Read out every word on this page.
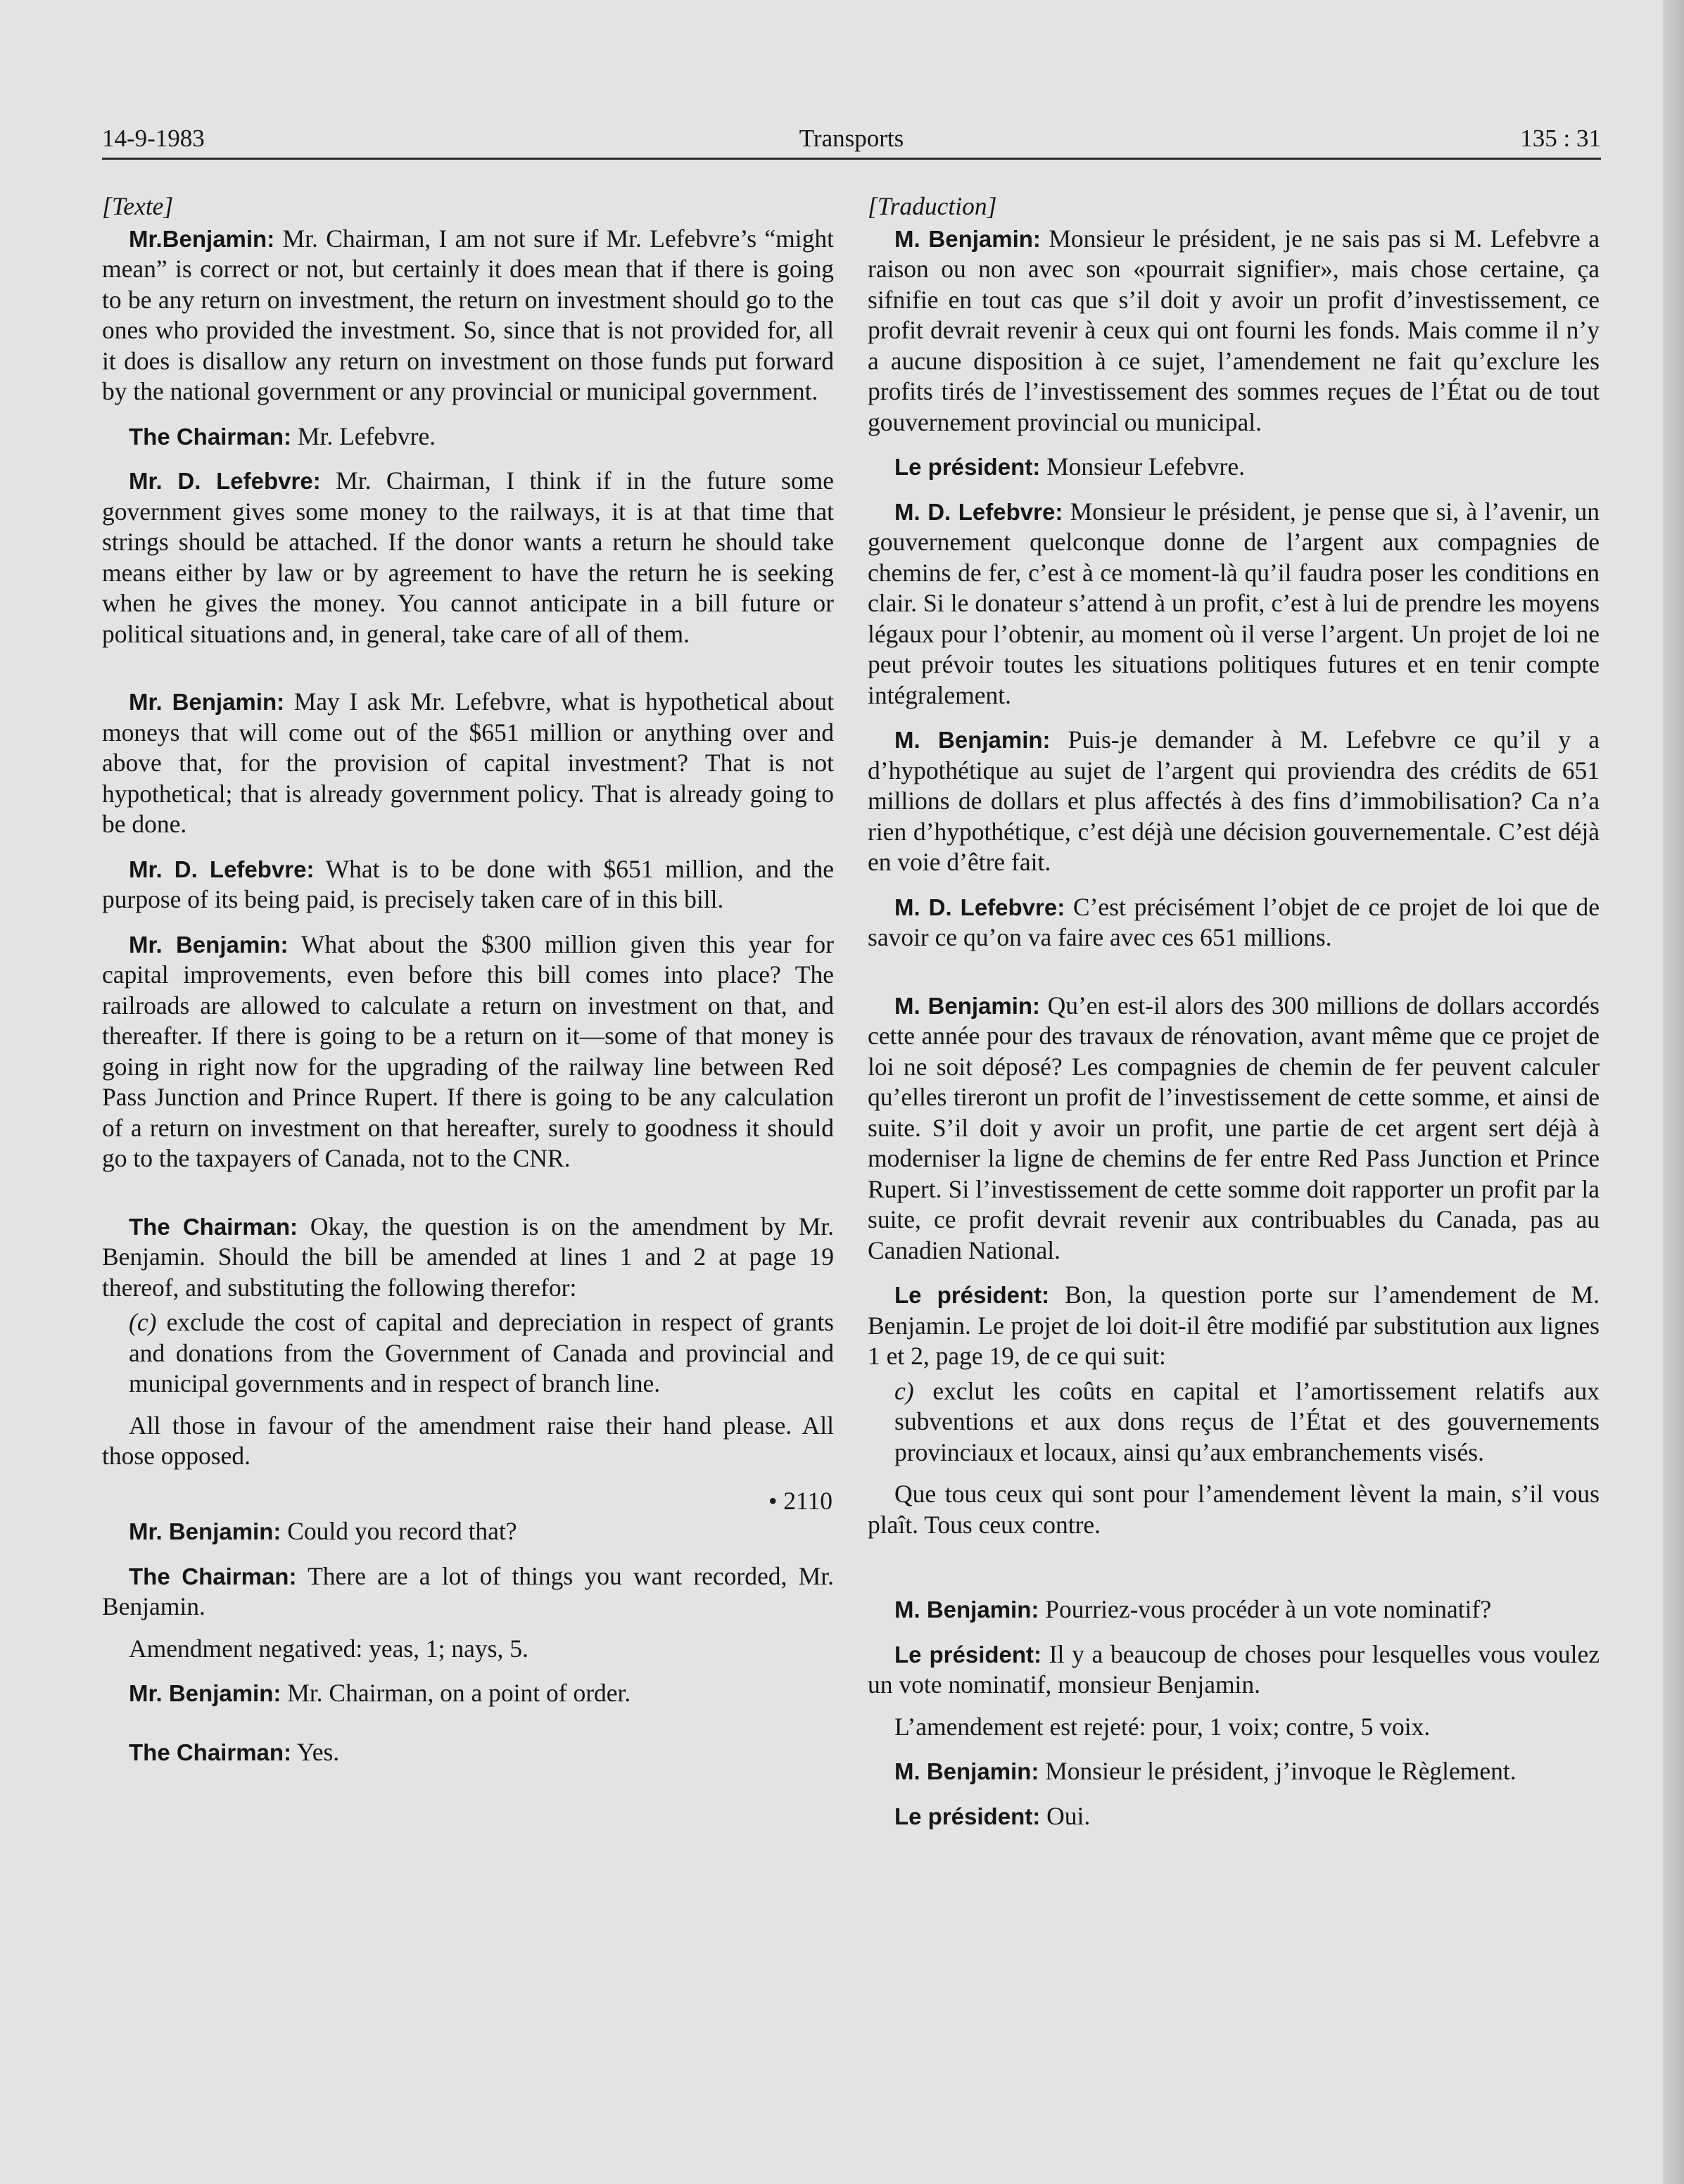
14-9-1983	Transports	135 : 31

[Texte]

Mr.Benjamin: Mr. Chairman, I am not sure if Mr. Lefebvre’s “might mean” is correct or not, but certainly it does mean that if there is going to be any return on investment, the return on investment should go to the ones who provided the investment. So, since that is not provided for, all it does is disallow any return on investment on those funds put forward by the national government or any provincial or municipal government.

The Chairman: Mr. Lefebvre.

Mr. D. Lefebvre: Mr. Chairman, I think if in the future some government gives some money to the railways, it is at that time that strings should be attached. If the donor wants a return he should take means either by law or by agreement to have the return he is seeking when he gives the money. You cannot anticipate in a bill future or political situations and, in general, take care of all of them.

Mr. Benjamin: May I ask Mr. Lefebvre, what is hypothetical about moneys that will come out of the $651 million or anything over and above that, for the provision of capital investment? That is not hypothetical; that is already government policy. That is already going to be done.

Mr. D. Lefebvre: What is to be done with $651 million, and the purpose of its being paid, is precisely taken care of in this bill.

Mr. Benjamin: What about the $300 million given this year for capital improvements, even before this bill comes into place? The railroads are allowed to calculate a return on investment on that, and thereafter. If there is going to be a return on it—some of that money is going in right now for the upgrading of the railway line between Red Pass Junction and Prince Rupert. If there is going to be any calculation of a return on investment on that hereafter, surely to goodness it should go to the taxpayers of Canada, not to the CNR.

The Chairman: Okay, the question is on the amendment by Mr. Benjamin. Should the bill be amended at lines 1 and 2 at page 19 thereof, and substituting the following therefor:

(c) exclude the cost of capital and depreciation in respect of grants and donations from the Government of Canada and provincial and municipal governments and in respect of branch line.

All those in favour of the amendment raise their hand please. All those opposed.

• 2110

Mr. Benjamin: Could you record that?

The Chairman: There are a lot of things you want recorded, Mr. Benjamin.

Amendment negatived: yeas, 1; nays, 5.

Mr. Benjamin: Mr. Chairman, on a point of order.

The Chairman: Yes.

[Traduction]

M. Benjamin: Monsieur le président, je ne sais pas si M. Lefebvre a raison ou non avec son «pourrait signifier», mais chose certaine, ça sifnifie en tout cas que s’il doit y avoir un profit d’investissement, ce profit devrait revenir à ceux qui ont fourni les fonds. Mais comme il n’y a aucune disposition à ce sujet, l’amendement ne fait qu’exclure les profits tirés de l’investissement des sommes reçues de l’État ou de tout gouvernement provincial ou municipal.

Le président: Monsieur Lefebvre.

M. D. Lefebvre: Monsieur le président, je pense que si, à l’avenir, un gouvernement quelconque donne de l’argent aux compagnies de chemins de fer, c’est à ce moment-là qu’il faudra poser les conditions en clair. Si le donateur s’attend à un profit, c’est à lui de prendre les moyens légaux pour l’obtenir, au moment où il verse l’argent. Un projet de loi ne peut prévoir toutes les situations politiques futures et en tenir compte intégralement.

M. Benjamin: Puis-je demander à M. Lefebvre ce qu’il y a d’hypothétique au sujet de l’argent qui proviendra des crédits de 651 millions de dollars et plus affectés à des fins d’immobilisation? Ca n’a rien d’hypothétique, c’est déjà une décision gouvernementale. C’est déjà en voie d’être fait.

M. D. Lefebvre: C’est précisément l’objet de ce projet de loi que de savoir ce qu’on va faire avec ces 651 millions.

M. Benjamin: Qu’en est-il alors des 300 millions de dollars accordés cette année pour des travaux de rénovation, avant même que ce projet de loi ne soit déposé? Les compagnies de chemin de fer peuvent calculer qu’elles tireront un profit de l’investissement de cette somme, et ainsi de suite. S’il doit y avoir un profit, une partie de cet argent sert déjà à moderniser la ligne de chemins de fer entre Red Pass Junction et Prince Rupert. Si l’investissement de cette somme doit rapporter un profit par la suite, ce profit devrait revenir aux contribuables du Canada, pas au Canadien National.

Le président: Bon, la question porte sur l’amendement de M. Benjamin. Le projet de loi doit-il être modifié par substitution aux lignes 1 et 2, page 19, de ce qui suit:

c) exclut les coûts en capital et l’amortissement relatifs aux subventions et aux dons reçus de l’État et des gouvernements provinciaux et locaux, ainsi qu’aux embranchements visés.

Que tous ceux qui sont pour l’amendement lèvent la main, s’il vous plaît. Tous ceux contre.

M. Benjamin: Pourriez-vous procéder à un vote nominatif?

Le président: Il y a beaucoup de choses pour lesquelles vous voulez un vote nominatif, monsieur Benjamin.

L’amendement est rejeté: pour, 1 voix; contre, 5 voix.

M. Benjamin: Monsieur le président, j’invoque le Règlement.

Le président: Oui.
